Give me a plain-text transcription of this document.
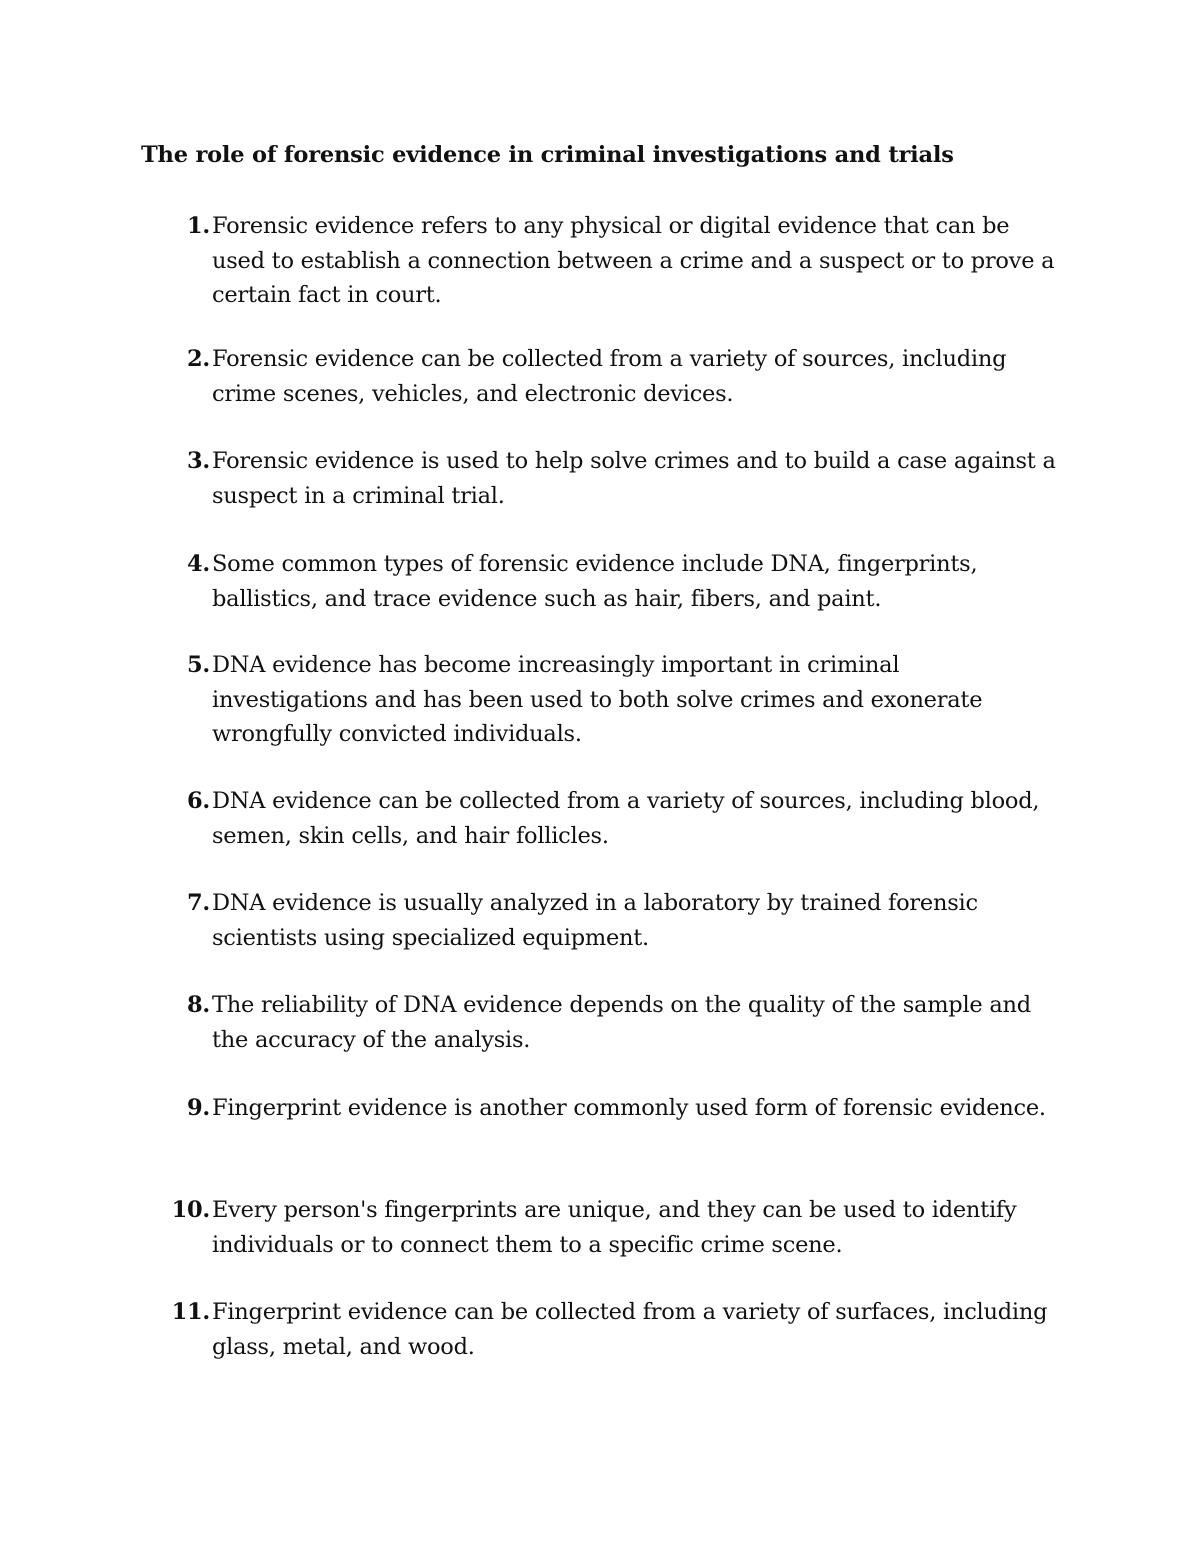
The role of forensic evidence in criminal investigations and trials
1. Forensic evidence refers to any physical or digital evidence that can be used to establish a connection between a crime and a suspect or to prove a certain fact in court.
2. Forensic evidence can be collected from a variety of sources, including crime scenes, vehicles, and electronic devices.
3. Forensic evidence is used to help solve crimes and to build a case against a suspect in a criminal trial.
4. Some common types of forensic evidence include DNA, fingerprints, ballistics, and trace evidence such as hair, fibers, and paint.
5. DNA evidence has become increasingly important in criminal investigations and has been used to both solve crimes and exonerate wrongfully convicted individuals.
6. DNA evidence can be collected from a variety of sources, including blood, semen, skin cells, and hair follicles.
7. DNA evidence is usually analyzed in a laboratory by trained forensic scientists using specialized equipment.
8. The reliability of DNA evidence depends on the quality of the sample and the accuracy of the analysis.
9. Fingerprint evidence is another commonly used form of forensic evidence.
10. Every person's fingerprints are unique, and they can be used to identify individuals or to connect them to a specific crime scene.
11. Fingerprint evidence can be collected from a variety of surfaces, including glass, metal, and wood.
